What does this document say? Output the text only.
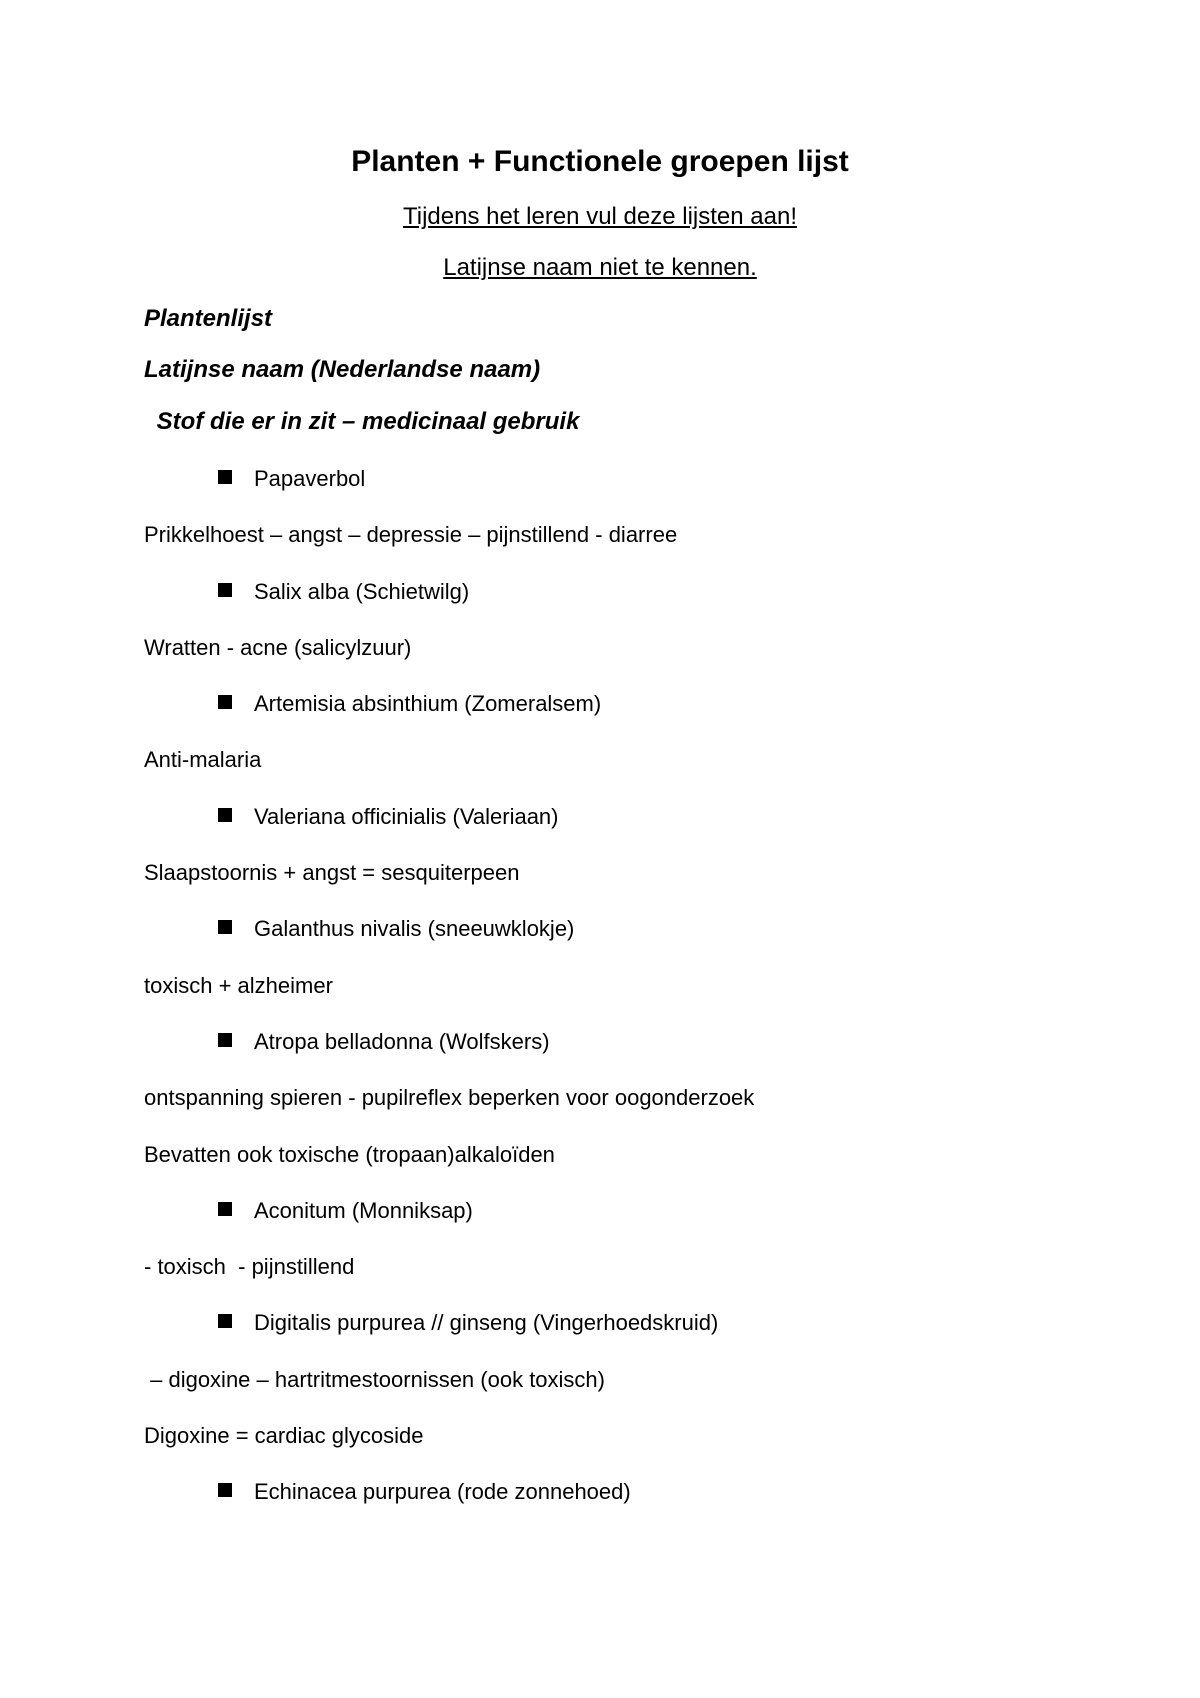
Planten + Functionele groepen lijst
Tijdens het leren vul deze lijsten aan!
Latijnse naam niet te kennen.
Plantenlijst
Latijnse naam (Nederlandse naam)
Stof die er in zit – medicinaal gebruik
Papaverbol
Prikkelhoest – angst – depressie – pijnstillend - diarree
Salix alba (Schietwilg)
Wratten - acne (salicylzuur)
Artemisia absinthium (Zomeralsem)
Anti-malaria
Valeriana officinialis (Valeriaan)
Slaapstoornis + angst = sesquiterpeen
Galanthus nivalis (sneeuwklokje)
toxisch + alzheimer
Atropa belladonna (Wolfskers)
ontspanning spieren - pupilreflex beperken voor oogonderzoek
Bevatten ook toxische (tropaan)alkaloïden
Aconitum (Monniksap)
- toxisch  - pijnstillend
Digitalis purpurea // ginseng (Vingerhoedskruid)
– digoxine – hartritmestoornissen (ook toxisch)
Digoxine = cardiac glycoside
Echinacea purpurea (rode zonnehoed)
